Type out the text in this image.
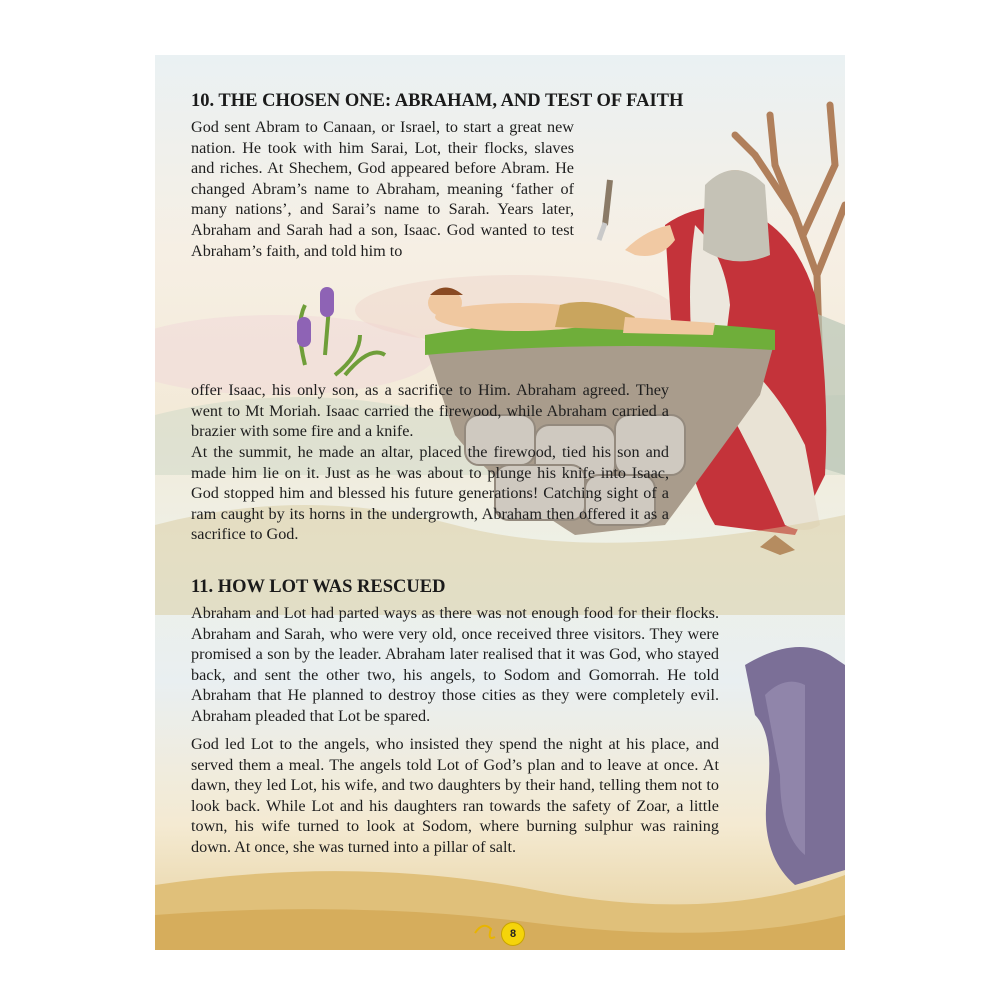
10. THE CHOSEN ONE: ABRAHAM, AND TEST OF FAITH

God sent Abram to Canaan, or Israel, to start a great new nation. He took with him Sarai, Lot, their flocks, slaves and riches. At Shechem, God appeared before Abram. He changed Abram’s name to Abraham, meaning ‘father of many nations’, and Sarai’s name to Sarah. Years later, Abraham and Sarah had a son, Isaac. God wanted to test Abraham’s faith, and told him to

offer Isaac, his only son, as a sacrifice to Him. Abraham agreed. They went to Mt Moriah. Isaac carried the firewood, while Abraham carried a brazier with some fire and a knife.

At the summit, he made an altar, placed the firewood, tied his son and made him lie on it. Just as he was about to plunge his knife into Isaac, God stopped him and blessed his future generations! Catching sight of a ram caught by its horns in the undergrowth, Abraham then offered it as a sacrifice to God.

11. HOW LOT WAS RESCUED

Abraham and Lot had parted ways as there was not enough food for their flocks. Abraham and Sarah, who were very old, once received three visitors. They were promised a son by the leader. Abraham later realised that it was God, who stayed back, and sent the other two, his angels, to Sodom and Gomorrah. He told Abraham that He planned to destroy those cities as they were completely evil. Abraham pleaded that Lot be spared.

God led Lot to the angels, who insisted they spend the night at his place, and served them a meal. The angels told Lot of God’s plan and to leave at once. At dawn, they led Lot, his wife, and two daughters by their hand, telling them not to look back. While Lot and his daughters ran towards the safety of Zoar, a little town, his wife turned to look at Sodom, where burning sulphur was raining down. At once, she was turned into a pillar of salt.

8
